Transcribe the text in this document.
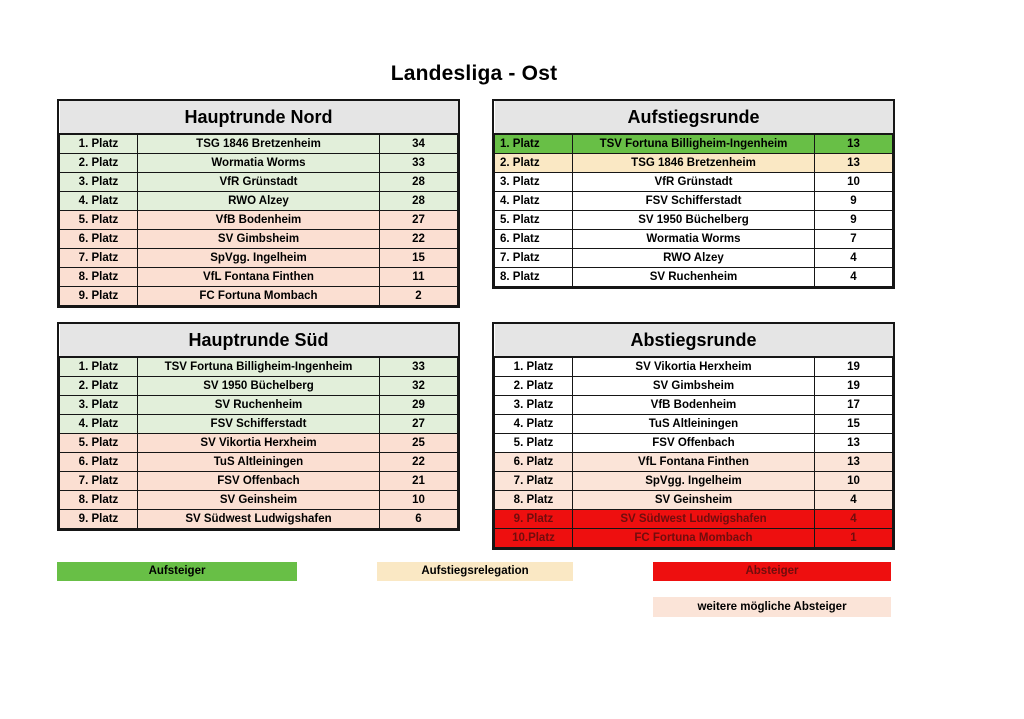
Landesliga - Ost
Hauptrunde Nord		
1. Platz	TSG 1846 Bretzenheim	34
2. Platz	Wormatia Worms	33
3. Platz	VfR Grünstadt	28
4. Platz	RWO Alzey	28
5. Platz	VfB Bodenheim	27
6. Platz	SV Gimbsheim	22
7. Platz	SpVgg. Ingelheim	15
8. Platz	VfL Fontana Finthen	11
9. Platz	FC Fortuna Mombach	2
Aufstiegsrunde		
1. Platz	TSV Fortuna Billigheim-Ingenheim	13
2. Platz	TSG 1846 Bretzenheim	13
3. Platz	VfR Grünstadt	10
4. Platz	FSV Schifferstadt	9
5. Platz	SV 1950 Büchelberg	9
6. Platz	Wormatia Worms	7
7. Platz	RWO Alzey	4
8. Platz	SV Ruchenheim	4
Hauptrunde Süd		
1. Platz	TSV Fortuna Billigheim-Ingenheim	33
2. Platz	SV 1950 Büchelberg	32
3. Platz	SV Ruchenheim	29
4. Platz	FSV Schifferstadt	27
5. Platz	SV Vikortia Herxheim	25
6. Platz	TuS Altleiningen	22
7. Platz	FSV Offenbach	21
8. Platz	SV Geinsheim	10
9. Platz	SV Südwest Ludwigshafen	6
Abstiegsrunde		
1. Platz	SV Vikortia Herxheim	19
2. Platz	SV Gimbsheim	19
3. Platz	VfB Bodenheim	17
4. Platz	TuS Altleiningen	15
5. Platz	FSV Offenbach	13
6. Platz	VfL Fontana Finthen	13
7. Platz	SpVgg. Ingelheim	10
8. Platz	SV Geinsheim	4
9. Platz	SV Südwest Ludwigshafen	4
10.Platz	FC Fortuna Mombach	1
Aufsteiger	Aufstiegsrelegation	Absteiger
weitere mögliche Absteiger
